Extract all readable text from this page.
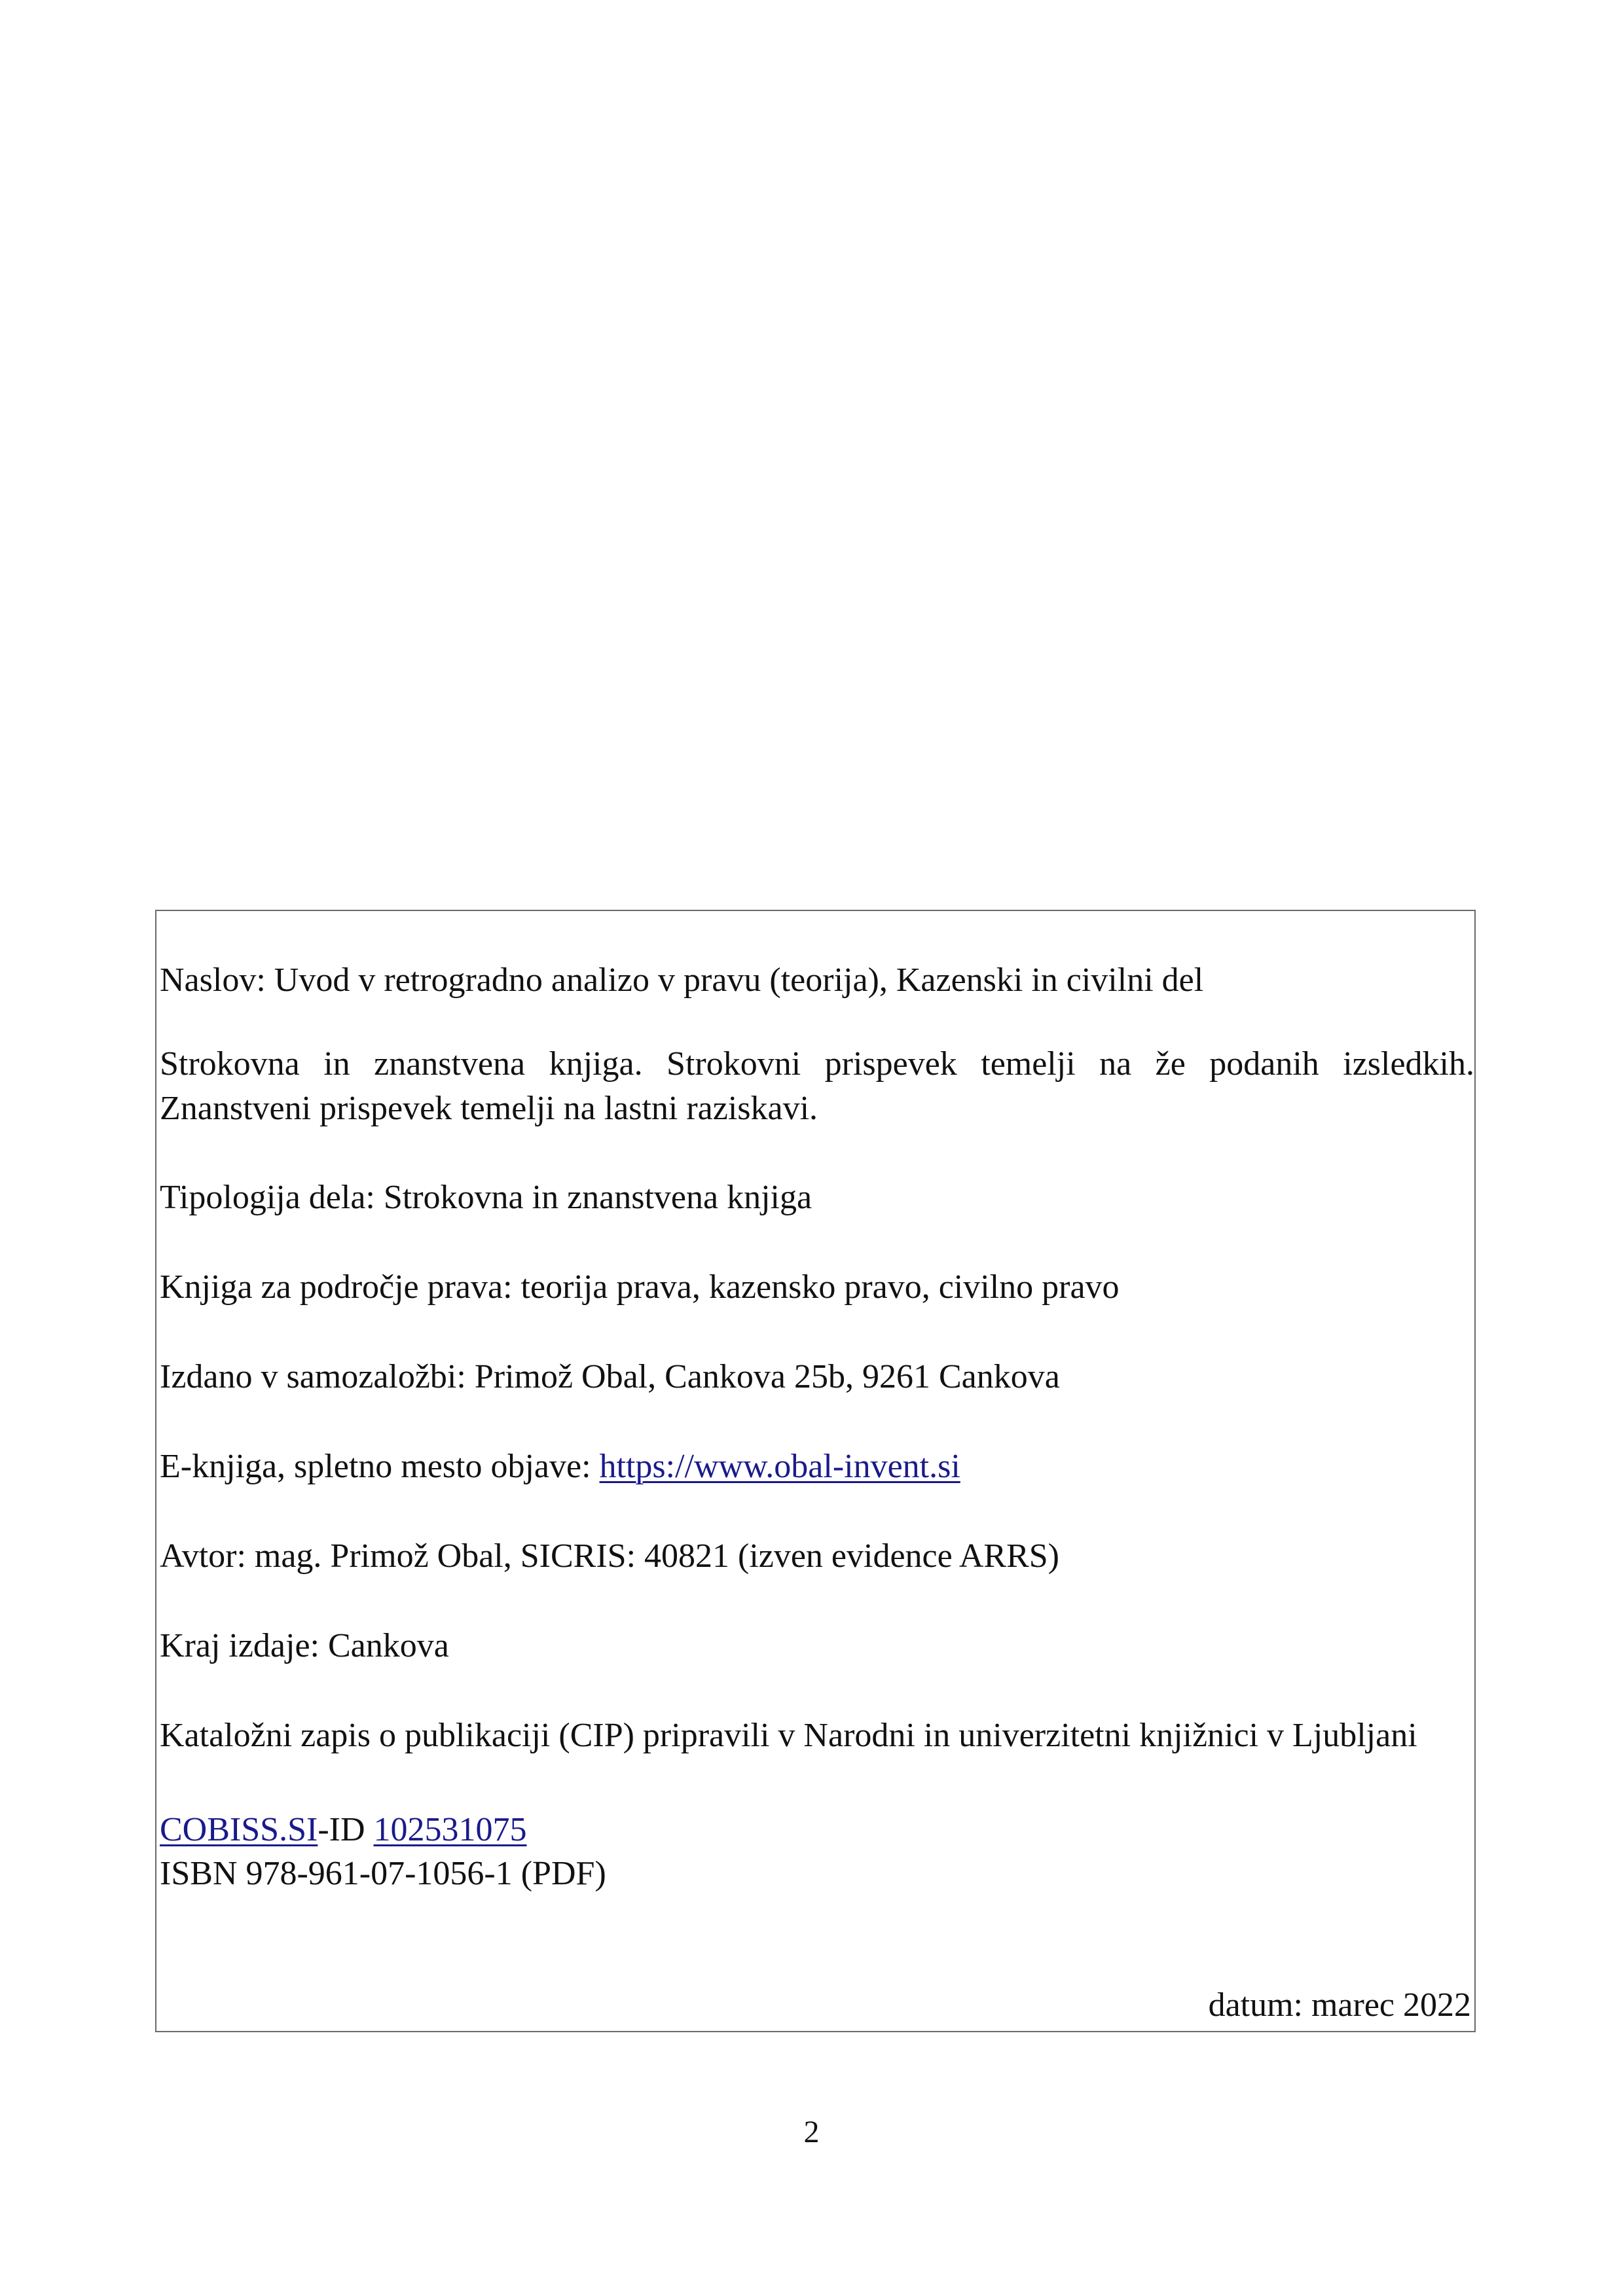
Naslov: Uvod v retrogradno analizo v pravu (teorija), Kazenski in civilni del
Strokovna in znanstvena knjiga. Strokovni prispevek temelji na že podanih izsledkih. Znanstveni prispevek temelji na lastni raziskavi.
Tipologija dela: Strokovna in znanstvena knjiga
Knjiga za področje prava: teorija prava, kazensko pravo, civilno pravo
Izdano v samozaložbi: Primož Obal, Cankova 25b, 9261 Cankova
E-knjiga, spletno mesto objave: https://www.obal-invent.si
Avtor: mag. Primož Obal, SICRIS: 40821 (izven evidence ARRS)
Kraj izdaje: Cankova
Kataložni zapis o publikaciji (CIP) pripravili v Narodni in univerzitetni knjižnici v Ljubljani
COBISS.SI-ID 102531075
ISBN 978-961-07-1056-1 (PDF)
datum: marec 2022
2
